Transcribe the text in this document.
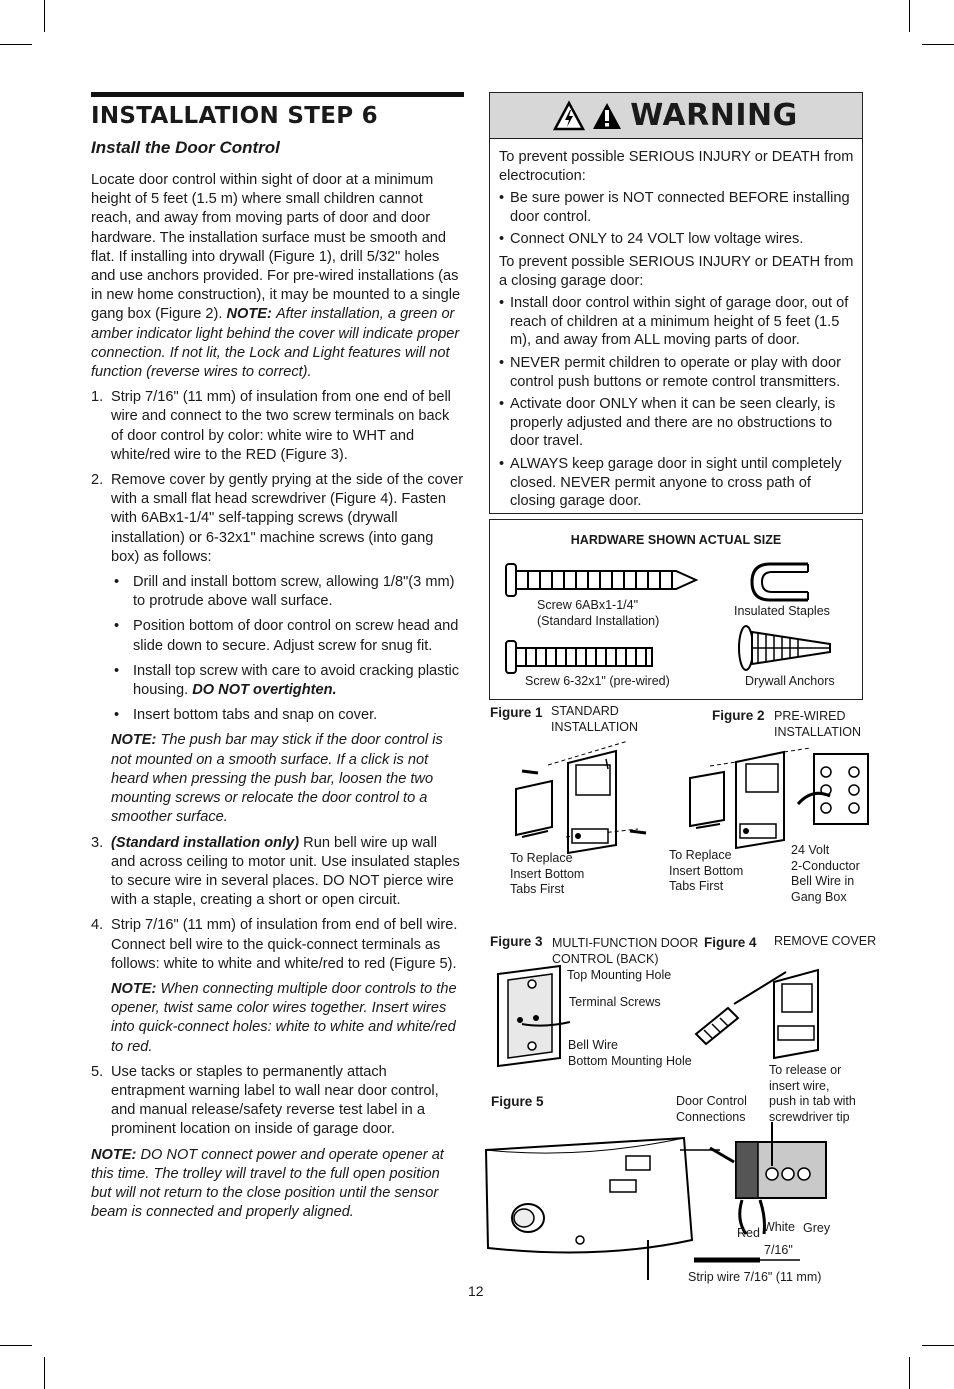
INSTALLATION STEP 6
Install the Door Control

Locate door control within sight of door at a minimum height of 5 feet (1.5 m) where small children cannot reach, and away from moving parts of door and door hardware. The installation surface must be smooth and flat. If installing into drywall (Figure 1), drill 5/32" holes and use anchors provided. For pre-wired installations (as in new home construction), it may be mounted to a single gang box (Figure 2). NOTE: After installation, a green or amber indicator light behind the cover will indicate proper connection. If not lit, the Lock and Light features will not function (reverse wires to correct).

1. Strip 7/16" (11 mm) of insulation from one end of bell wire and connect to the two screw terminals on back of door control by color: white wire to WHT and white/red wire to the RED (Figure 3).
2. Remove cover by gently prying at the side of the cover with a small flat head screwdriver (Figure 4). Fasten with 6ABx1-1/4" self-tapping screws (drywall installation) or 6-32x1" machine screws (into gang box) as follows:
• Drill and install bottom screw, allowing 1/8"(3 mm) to protrude above wall surface.
• Position bottom of door control on screw head and slide down to secure. Adjust screw for snug fit.
• Install top screw with care to avoid cracking plastic housing. DO NOT overtighten.
• Insert bottom tabs and snap on cover.
NOTE: The push bar may stick if the door control is not mounted on a smooth surface. If a click is not heard when pressing the push bar, loosen the two mounting screws or relocate the door control to a smoother surface.
3. (Standard installation only) Run bell wire up wall and across ceiling to motor unit. Use insulated staples to secure wire in several places. DO NOT pierce wire with a staple, creating a short or open circuit.
4. Strip 7/16" (11 mm) of insulation from end of bell wire. Connect bell wire to the quick-connect terminals as follows: white to white and white/red to red (Figure 5).
NOTE: When connecting multiple door controls to the opener, twist same color wires together. Insert wires into quick-connect holes: white to white and white/red to red.
5. Use tacks or staples to permanently attach entrapment warning label to wall near door control, and manual release/safety reverse test label in a prominent location on inside of garage door.

NOTE: DO NOT connect power and operate opener at this time. The trolley will travel to the full open position but will not return to the close position until the sensor beam is connected and properly aligned.

WARNING

To prevent possible SERIOUS INJURY or DEATH from electrocution:

• Be sure power is NOT connected BEFORE installing door control.
• Connect ONLY to 24 VOLT low voltage wires.

To prevent possible SERIOUS INJURY or DEATH from a closing garage door:

• Install door control within sight of garage door, out of reach of children at a minimum height of 5 feet (1.5 m), and away from ALL moving parts of door.
• NEVER permit children to operate or play with door control push buttons or remote control transmitters.
• Activate door ONLY when it can be seen clearly, is properly adjusted and there are no obstructions to door travel.
• ALWAYS keep garage door in sight until completely closed. NEVER permit anyone to cross path of closing garage door.
HARDWARE SHOWN ACTUAL SIZE
Screw 6ABx1-1/4"
(Standard Installation)
Screw 6-32x1" (pre-wired)
Insulated Staples
Drywall Anchors
Figure 1 STANDARD
INSTALLATION
To Replace
Insert Bottom
Tabs First
Figure 2 PRE-WIRED
INSTALLATION
To Replace
Insert Bottom
Tabs First
24 Volt
2-Conductor
Bell Wire in
Gang Box
Figure 3 MULTI-FUNCTION DOOR
CONTROL (BACK)
Top Mounting Hole
Terminal Screws
Bell Wire
Bottom Mounting Hole
Figure 4 REMOVE COVER
Figure 5	Door Control
Connections
To release or
insert wire,
push in tab with
screwdriver tip
Red White Grey
7/16"
Strip wire 7/16" (11 mm)
12
